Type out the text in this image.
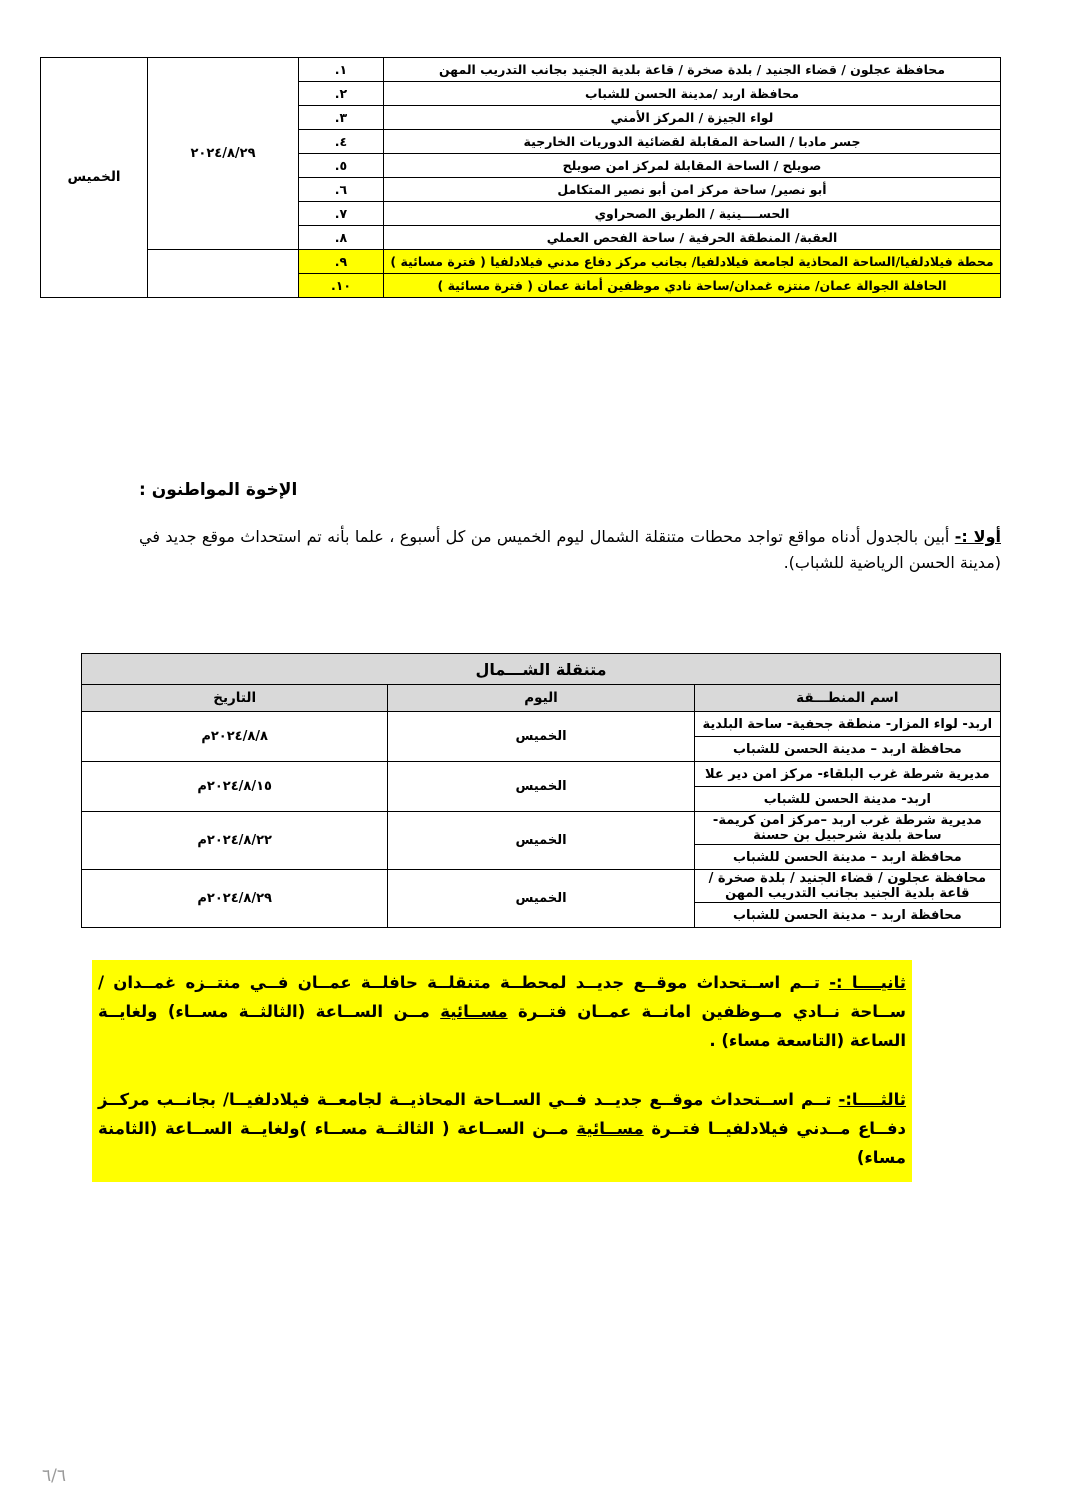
محافظة عجلون / قضاء الجنيد / بلدة صخرة / قاعة بلدية الجنيد بجانب التدريب المهن	١.	٢٠٢٤/٨/٢٩	الخميس
محافظة اربد /مدينة الحسن للشباب	٢.		
لواء الجيزة / المركز الأمني	٣.		
جسر مادبا / الساحة المقابلة لقضائية الدوريات الخارجية	٤.		
صويلح / الساحة المقابلة لمركز امن صويلح	٥.		
أبو نصير/ ساحة مركز امن أبو نصير المتكامل	٦.		
الحســــينية / الطريق الصحراوي	٧.		
العقبة/ المنطقة الحرفية / ساحة الفحص العملي	٨.		
محطة فيلادلفيا/الساحة المحاذية لجامعة فيلادلفيا/ بجانب مركز دفاع مدني فيلادلفيا ( فترة مسائية )	٩.		
الحافلة الجوالة عمان/ منتزه غمدان/ساحة نادي موظفين أمانة عمان ( فترة مسائية )	١٠.		
الإخوة المواطنون :
أولا :- أبين بالجدول أدناه مواقع تواجد محطات متنقلة الشمال ليوم الخميس من كل أسبوع ، علما بأنه تم استحداث موقع جديد في (مدينة الحسن الرياضية للشباب).
متنقلة الشـــمال		
اسم المنطـــقة	اليوم	التاريخ
اربد- لواء المزار- منطقة جحفية- ساحة البلدية	الخميس	٢٠٢٤/٨/٨م
محافظة اربد – مدينة الحسن للشباب		
مديرية شرطة غرب البلقاء- مركز امن دير علا	الخميس	٢٠٢٤/٨/١٥م
اربد- مدينة الحسن للشباب		
مديرية شرطة غرب اربد –مركز امن كريمة- ساحة بلدية شرحبيل بن حسنة	الخميس	٢٠٢٤/٨/٢٢م
محافظة اربد – مدينة الحسن للشباب		
محافظة عجلون / قضاء الجنيد / بلدة صخرة / قاعة بلدية الجنيد بجانب التدريب المهن	الخميس	٢٠٢٤/٨/٢٩م
محافظة اربد – مدينة الحسن للشباب		

ثانيــــا :- تــم اســتحداث موقــع جديــد لمحطــة متنقلــة حافلــة عمــان فــي منتــزه غمــدان / ســاحة نــادي مــوظفين امانــة عمــان فتــرة مســائية مــن الســاعة (الثالثــة مســاء) ولغايــة الساعة (التاسعة مساء) .

ثالثــــا:- تــم اســتحداث موقــع جديــد فــي الســاحة المحاذيــة لجامعــة فيلادلفيــا/ بجانــب مركــز دفــاع مــدني فيلادلفيــا فتــرة مســائية مــن الســاعة ( الثالثــة مســاء )ولغايــة الســاعة (الثامنة مساء)

٦/٦
